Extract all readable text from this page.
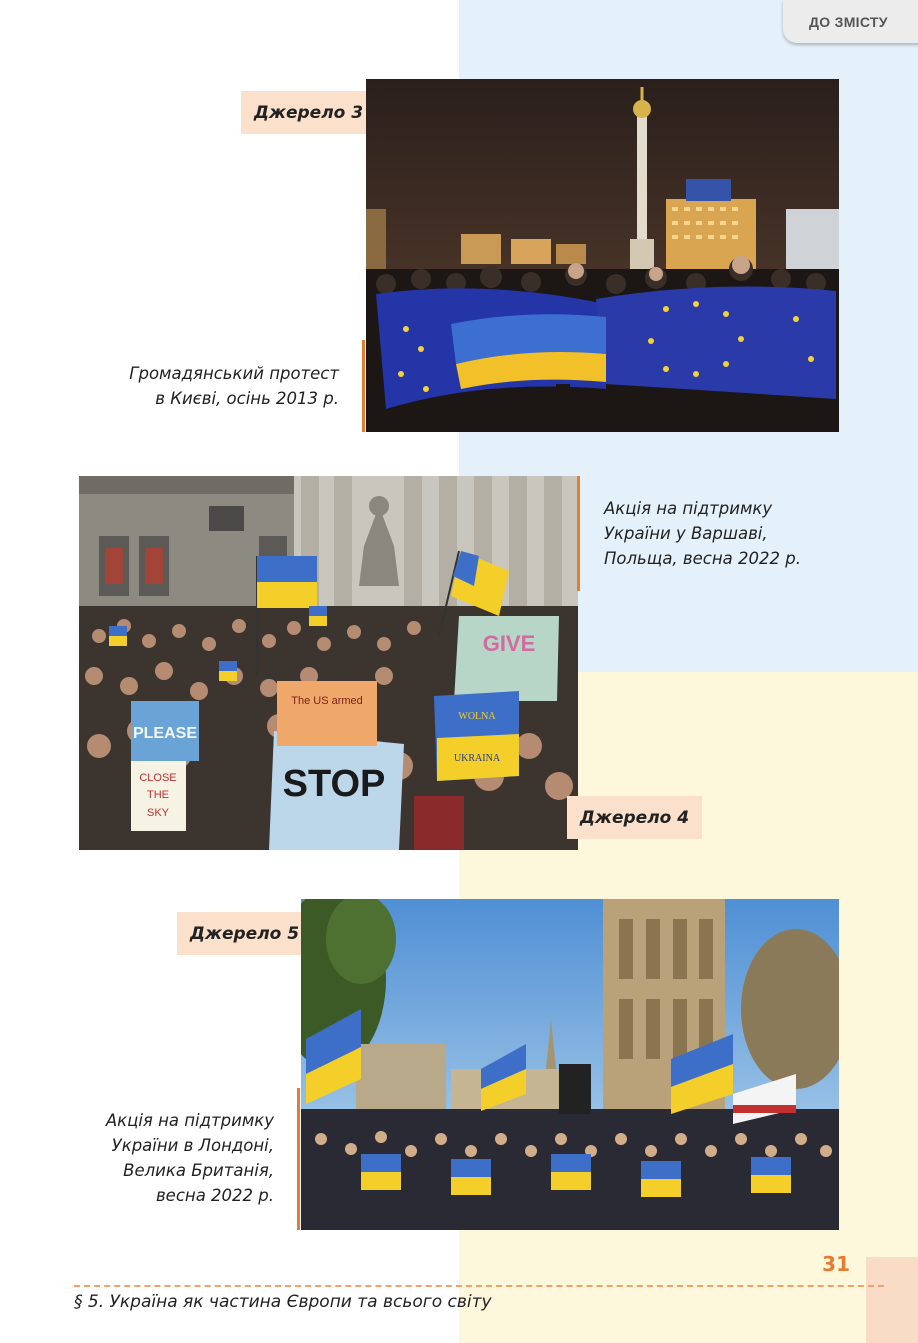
ДО ЗМІСТУ
Джерело 3
Громадянський протест
в Києві, осінь 2013 р.
PLEASE
CLOSE
THE
SKY
STOP
The US armed
GIVE
WOLNA
UKRAINA
Акція на підтримку
України у Варшаві,
Польща, весна 2022 р.
Джерело 4
Джерело 5
Акція на підтримку
України в Лондоні,
Велика Британія,
весна 2022 р.
31
§ 5. Україна як частина Європи та всього світу
